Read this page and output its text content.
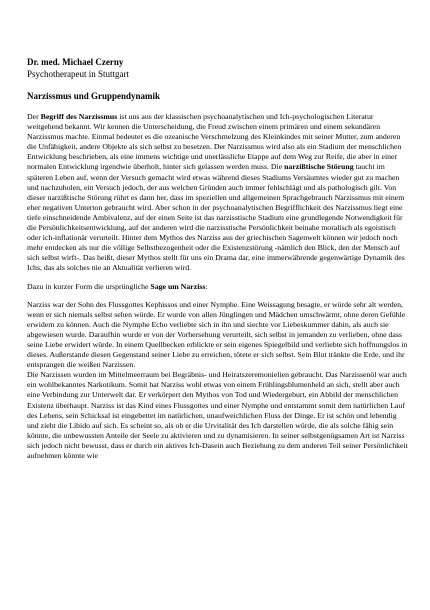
Dr. med. Michael Czerny

Psychotherapeut in Stuttgart

Narzissmus und Gruppendynamik

Der Begriff des Narzissmus ist uns aus der klassischen psychoanalytischen und Ich-psychologischen Literatur weitgehend bekannt. Wir kennen die Unterscheidung, die Freud zwischen einem primären und einem sekundären Narzissmus machte. Einmal bedeutet es die ozeanische Verschmelzung des Kleinkindes mit seiner Mutter, zum anderen die Unfähigkeit, andere Objekte als sich selbst zu besetzen. Der Narzissmus wird also als ein Stadium der menschlichen Entwicklung beschrieben, als eine immens wichtige und unerlässliche Etappe auf dem Weg zur Reife, die aber in einer normalen Entwicklung irgendwie überholt, hinter sich gelassen werden muss. Die narzißtische Störung taucht im späteren Leben auf, wenn der Versuch gemacht wird etwas während dieses Stadiums Versäumtes wieder gut zu machen und nachzuholen, ein Versuch jedoch, der aus welchen Gründen auch immer fehlschlägt und als pathologisch gilt. Von dieser narzißtische Störung rührt es dann her, dass im speziellen und allgemeinen Sprachgebrauch Narzissmus mit einem eher negativen Unterton gebraucht wird. Aber schon in der psychoanalytischen Begrifflichkeit des Narzissmus liegt eine tiefe einschneidende Ambivalenz, auf der einen Seite ist das narzisstische Stadium eine grundlegende Notwendigkeit für die Persönlichkeitsentwicklung, auf der anderen wird die narzisstische Persönlichkeit beinahe moralisch als egoistisch oder ich-inflationär verurteilt. Hinter dem Mythos des Narziss aus der griechischen Sagenwelt können wir jedoch noch mehr entdecken als nur die völlige Selbstbezogenheit oder die Existenzstörung -nämlich den Blick, den der Mensch auf sich selbst wirft-. Das heißt, dieser Mythos stellt für uns ein Drama dar, eine immerwährende gegenwärtige Dynamik des Ichs, das als solches nie an Aktualität verlieren wird.

Dazu in kurzer Form die ursprüngliche Sage um Narziss:

Narziss war der Sohn des Flussgottes Kephissos und einer Nymphe. Eine Weissagung besagte, er würde sehr alt werden, wenn er sich niemals selbst sehen würde. Er wurde von allen Jünglingen und Mädchen umschwärmt, ohne deren Gefühle erwidern zu können. Auch die Nymphe Echo verliebte sich in ihn und siechte vor Liebeskummer dahin, als auch sie abgewiesen wurde. Daraufhin wurde er von der Vorhersehung verurteilt, sich selbst in jemanden zu verlieben, ohne dass seine Liebe erwidert würde. In einem Quellbecken erblickte er sein eigenes Spiegelbild und verliebte sich hoffnungslos in dieses. Außerstande diesen Gegenstand seiner Liebe zu erreichen, tötete er sich selbst. Sein Blut tränkte die Erde, und ihr entsprangen die weißen Narzissen.

Die Narzissen wurden im Mittelmeerraum bei Begräbnis- und Heiratszeremonielien gebraucht. Das Narzissenöl war auch ein wohlbekanntes Narkotikum. Somit hat Narziss wohl etwas von einem Frühlingsblumenheld an sich, stellt aber auch eine Verbindung zur Unterwelt dar. Er verkörpert den Mythos von Tod und Wiedergeburt, ein Abbild der menschlichen Existenz überhaupt. Narziss ist das Kind eines Flussgottes und einer Nymphe und entstammt somit dem natürlichen Lauf des Lebens, sein Schicksal ist eingebettet im natürlichen, unaufweichlichen Fluss der Dinge. Er ist schön und lebendig und zieht die Libido auf sich. Es scheint so, als ob er die Urvitalität des Ich darstellen würde, die als solche fähig sein könnte, die unbewussten Anteile der Seele zu aktivieren und zu dynamisieren. In seiner selbstgenügsamen Art ist Narziss sich jedoch nicht bewusst, dass er durch ein aktives Ich-Dasein auch Beziehung zu dem anderen Teil seiner Persönlichkeit aufnehmen könnte wie
